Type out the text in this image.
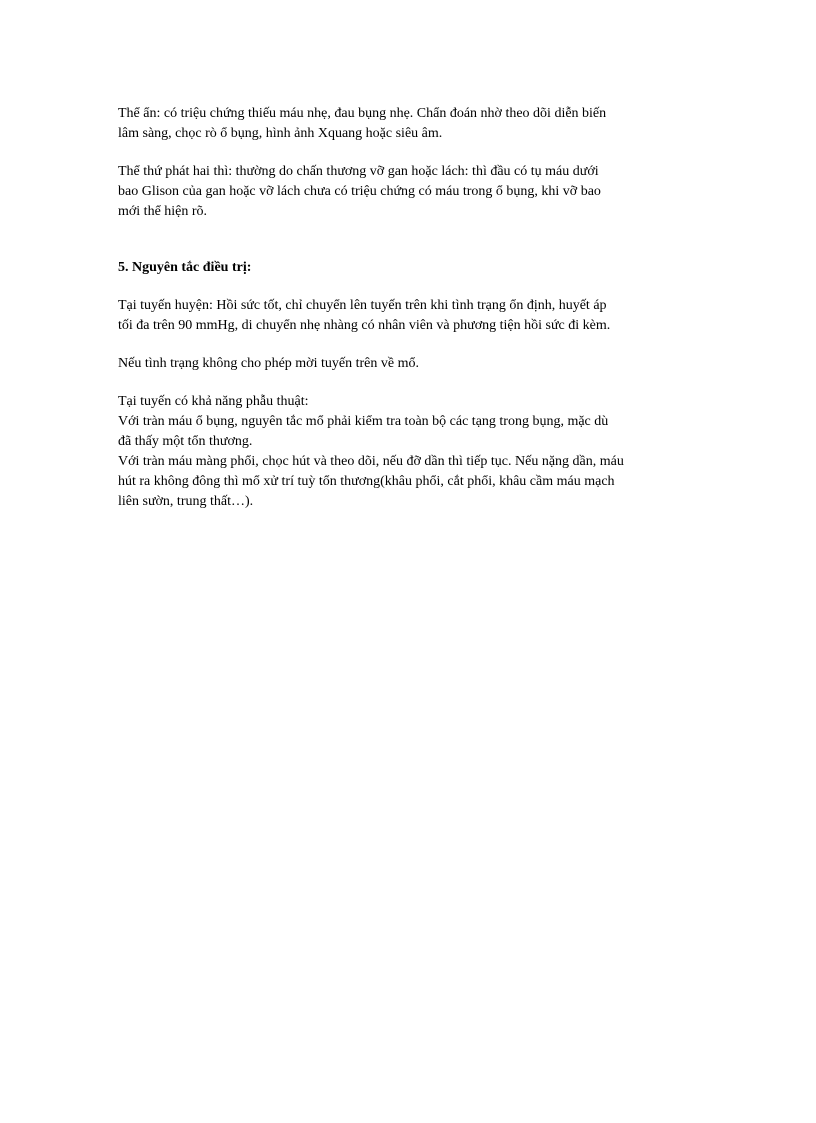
Thể ẩn: có triệu chứng thiếu máu nhẹ, đau bụng nhẹ. Chẩn đoán nhờ theo dõi diễn biến
lâm sàng, chọc rò ổ bụng, hình ảnh Xquang hoặc siêu âm.

Thể thứ phát hai thì: thường do chấn thương vỡ gan hoặc lách: thì đầu có tụ máu dưới
bao Glison của gan hoặc vỡ lách chưa có triệu chứng có máu trong ổ bụng, khi vỡ bao
mới thể hiện rõ.

5. Nguyên tắc điều trị:

Tại tuyến huyện: Hồi sức tốt, chỉ chuyển lên tuyến trên khi tình trạng ổn định, huyết áp
tối đa trên 90 mmHg, di chuyển nhẹ nhàng có nhân viên và phương tiện hồi sức đi kèm.

Nếu tình trạng không cho phép mời tuyến trên về mổ.

Tại tuyến có khả năng phẫu thuật:
Với tràn máu ổ bụng, nguyên tắc mổ phải kiểm tra toàn bộ các tạng trong bụng, mặc dù
đã thấy một tổn thương.
Với tràn máu màng phổi, chọc hút và theo dõi, nếu đỡ dần thì tiếp tục. Nếu nặng dần, máu
hút ra không đông thì mổ xử trí tuỳ tổn thương(khâu phổi, cắt phổi, khâu cầm máu mạch
liên sườn, trung thất…).
